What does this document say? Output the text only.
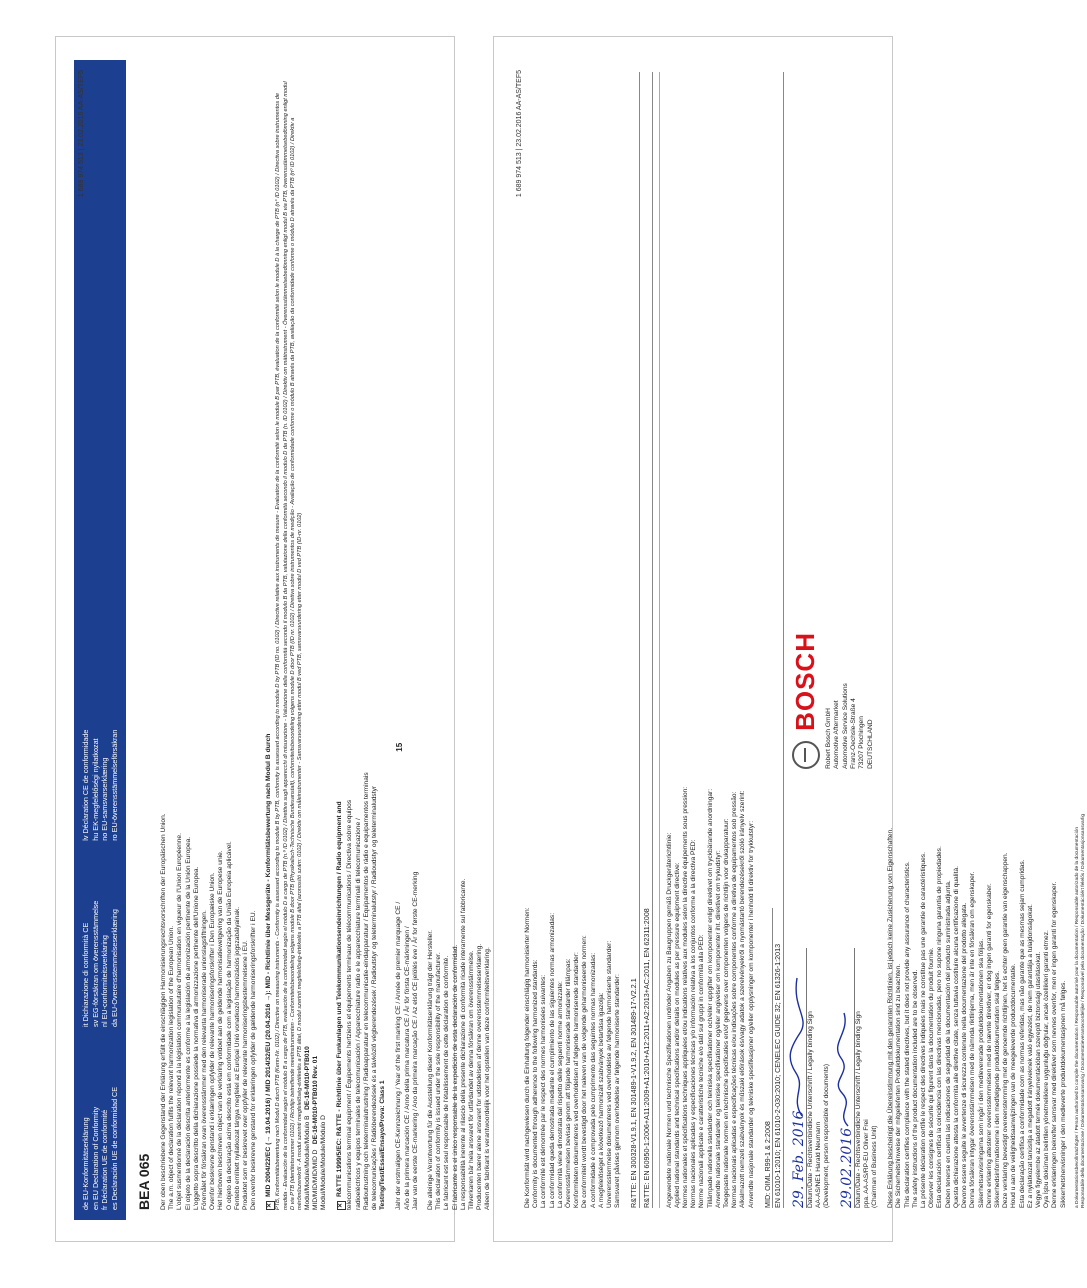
de EU-Konformitätserklärung en EU Declaration of Conformity fr Déclaration UE de conformité es Declaración UE de conformidad CE
it Dichiarazione di conformità CE sv EG-försäkran om överensstämmelse nl EU-conformiteitsverklaring da EU-Overensstemmelseserklæring
lv Déclaration CE de conformidade hu EK-megfelelőségi nyilatkozat no EU-samsvarserklæring ro EU-överensstämmelseförsäkran
BEA 065 Der oben beschriebene Gegenstand der Erklärung erfüllt die einschlägigen Harmonisierungsrechtsvorschriften der Europäischen Union. The a.m. object of declaration fulfils the relevant harmonization legislation of the European Union. L'objet susmentionné de la déclaration répond à la législation communautaire d'harmonisation en vigueur de l'Union Européenne. El objeto de la declaración descrita anteriormente es conforme a la legislación de armonización pertinente de la Unión Europea. L'oggetto sopra descritto della dichiarazione possiede la normativa di armonizzazione pertinente dell'Unione Europea. Föremålet för försäkran ovan överensstämmer med den relevanta harmoniserade unionslagstiftningen. Ovenfor beskrevne genstand i erklæringen opfylder de relevante harmoniseringsforskrifter i Den Europæiske Union. Het hierboven beschreven object van de verklaring voldoet aan de geldende harmonisatiewetgeving van de Europese unie. O objeto da declaração acima descrito está em conformidade com a legislação de harmonização da União Europeia aplicável. Fentebb említett nyilatkozat tárgya megfelel az Európai Unió vonatkozó harmonizációs jogszabályainak. Produktet som er beskrevet over oppfyller de relevante harmoniseringsbestemmelsene i EU. Den ovenfor beskrevne genstand for erklæringen opfylder de gældende harmoniseringsforskrifter i EU.	✕MID 2004/22/EC (→ 19.04.2016) / MID 2014/32/EU (20.04.2016 →): MID - Richtlinie über Messgeräte - Konformitätsbewertung nach Modul B durch PTB, Konformitätsbewertung nach Modul D durch PTB (Kenn-Nr. 0102) / Directive on measuring instruments - Conformity is assessed according to module B by PTB, conformity is assessed according to module D by PTB (ID no. 0102) / Directive relative aux instruments de mesure - Evaluation de la conformité selon le module B par PTB, évaluation de la conformité selon le module D à la charge de PTB (n° ID 0102) / Directiva sobre instrumentos de medida - Evaluación de la conformidad según el módulo B a cargo de PTB, evaluación de la conformidad según el módulo D a cargo de PTB (n.º ID 0102) / Direttiva sugli apparecchi di misurazione - Valutazione della conformità secondo il modulo B da PTB, valutazione della conformità secondo il modulo D da PTB (n. ID 0102) / Direktiv om mätinstrument - Överensstämmelsebedömning enligt modul B via PTB, överensstämmelsebedömning enligt modul D via PTB (identitetsnummer 0102) / Richtlijn betreffende meetinstrumenten - Conformiteitsbeoordeling volgens module B door PTB (Physikalisch-Technische Bundesanstalt), conformiteitsbeoordeling volgens module D door PTB (ID nr. 0102) / Diretiva sobre instrumentos de medição - Avaliação de conformidade conforme o módulo B através da PTB, avaliação da conformidade conforme o módulo D através da PTB (nº ID 0102) / Direktiv a mérőműszerekről - A modul szerinti megfelelőség-értékelés a PTB által, D modul szerinti megfelelőség-értékelés a PTB által (azonosító szám: 0102) / Direktiv om måleinstrumenter - Samsvarsvurdering etter modul B ved PTB, samsvarsvurdering etter modul D ved PTB (ID-nr. 0102) Modul/Module/Module/Módulo B   DE-16-M010-PTB010

MID/MID/MID/MID D   DE-16-M010-PTB010 Rev. 01

Modul/Module/Module/Módulo D	✕R&TTE 1999/5/EC: R&TTE - Richtlinie über Funkanlagen und Telekommunikationsendeinrichtungen / Radio equipment and telecommunications terminal equipment / Équipements hertziens et équipements terminaux de télécommunications / Directiva sobre equipos radioeléctricos y equipos terminales de telecomunicación / Apparecchiature radio e le apparecchiature terminali di telecomunicazione / Radioutrustning och teleterminalutrustning / Radioapparatuur en telecommunicatie-eindapparatuur / Equipamentos de rádio e equipamentos terminais de telecomunicações / Rádióberendezések és a távközlő végberendezések / Radioutstyr og teleterminalutstyr / Radioudstyr og teleterminaludstyr Testing/Test/Essai/Ensayo/Prova: Class 1 Jahr der erstmaligen CE-Kennzeichnung / Year of the first marking CE / Année de premier marquage CE / Año de la primera marcación CE / Anno della prima marcatura CE / År för första CE-märkningen / Jaar van de eerste CE-markering / Ano da primeira marcação CE / Az első CE jelölés éve / År for første CE-merking

15

Die alleinige Verantwortung für die Ausstellung dieser Konformitätserklärung trägt der Hersteller. This declaration of conformity is issued under the sole responsibility of the manufacturer. Le fabricant est seul responsable de l'établissement de cette déclaration de conformité. El fabricante es el único responsable de la expedición de esta declaración de conformidad. La responsabilità inerente al rilascio della presente dichiarazione di conformità ricade interamente sul fabbricante. Tillverkaren bär hela ansvaret för utfärdandet av denna försäkran om överensstämmelse. Producenten bærer alene ansvaret for udstedelsen af denne overensstemmelseserklæring. Alleen de fabrikant is verantwoordelijk voor het opstellen van deze conformiteitsverklaring.

1 689 974 513 | 23.02.2016 AA-AS/TEF5

Die Konformität wird nachgewiesen durch die Einhaltung folgender einschlägig harmonisierter Normen: Conformity is documented through adherence to the following harmonized standards: La conformité est démontrée par le respect des normes harmonisées suivantes: La conformidad queda demostrada mediante el cumplimiento de las siguientes normas armonizadas: La conformità viene dimostrata dal rispetto delle seguenti norme armonizzate: Överensstämmelsen bevisas genom att följande harmoniserade standarder tillämpas: Konformiteten dokumenteres ved overholdelsen af følgende harmoniserede standarder: De conformiteit wordt bevestigd door het naleven van de volgende geharmoniseerde normen: A conformidade é comprovada pelo cumprimento das seguintes normas harmonizadas: A megfelelőséget a következő harmonizált szabványok betartása igazolja: Uoverensstemmelse dokumenteres ved overholdelse av følgende harmoniserte standarder: Samsvaret påvises gjennom overholdelse av følgende harmoniserte standarder: R&TTE: EN 300328-V1.9.1, EN 301489-1-V1.9.2, EN 301489-17-V2.2.1 R&TTE: EN 60950-1:2006+A11:2009+A1:2010+A12:2011+A2:2013+AC:2011, EN 62311:2008 Angewendete nationale Normen und technische Spezifikationen und/oder Angaben zu Baugruppen gemäß Druckgeräterichtlinie: Applied national standards and technical specifications and/or details on modules as per pressure equipment directive: Normes nationales et spécifications techniques appliquées et/ou indications relatives aux modules selon la directive équipements sous pression: Normas nacionales aplicadas y especificaciones técnicas y/o información relativa a los conjuntos conforme a la directiva PED: Norme nazionali applicate e caratteristiche tecniche e/o dati sui gruppi in conformità alla PED: Tillämpade nationella standarder och tekniska specifikationer och/eller uppgifter om komponenter enligt direktivet om tryckbärande anordningar: Anvendte nationale standarder og tekniske specifikationer og/eller angivelser om komponenter iht. direktivet om trykudstyr: Toegepaste nationale normen en technische specificaties en/of gegevens over componenten volgens de richtlijn voor drukapparatuur: Normas nacionais aplicadas e especificações técnicas e/ou indicações sobre componentes conforme a diretiva de equipamentos sob pressão: Alkalmazott nemzeti szabványok és műszaki előírások és/vagy adatok a szerelvényekről a nyomástartó berendezésekről szóló irányelv szerint: Anvendte nasjonale standarder og tekniske spesifikasjoner og/eller opplysninger om komponenter i henhold til direktiv for trykkutstyr: MID: OIML R99-1 & 2:2008 EN 61010-1:2010; EN 61010-2-030:2010; CENELEC GUIDE 32; EN 61326-1:2013 29. Feb. 2016 Datum/Date - Rechtsverbindliche Unterschrift / Legally binding Sign AA-AS/NE1 Harald Neumann (Development, person responsible of documents) 29.02.2016 Datum/Date - Rechtsverbindliche Unterschrift / Legally binding Sign ppa. AA-AS/RP-EU Oliver Frei (Chairman of Business Unit)

BOSCH
Robert Bosch GmbH Automotive Aftermarket Automotive Service Solutions Franz-Oechsle-Straße 4 73207 Plochingen DEUTSCHLAND

Diese Erklärung bescheinigt die Übereinstimmung mit den genannten Richtlinien, ist jedoch keine Zusicherung von Eigenschaften. Die Sicherheitshinweise der mitgelieferten Produktdokumentation sind zu beachten. This declaration certifies compliance with the stated directives, but it does not provide any assurance of characteristics. The safety instructions of the product documentation included are to be observed. La présente déclaration certifie le respect des directives indiquées mais ne constitue pas une garantie de caractéristiques. Observer les consignes de sécurité qui figurent dans la documentation du produit fournie. Esta declaración certifica la coincidencia con las directivas mencionadas, pero no supone ninguna garantía de propiedades. Deben tenerse en cuenta las indicaciones de seguridad de la documentación del producto suministrada adjunta. Questa dichiarazione attesta la conformità alle direttive citate, senza tuttavia costituire alcuna certificazione di qualità. Devono essere seguite le avvertenze di sicurezza contenute nella documentazione del prodotto allegata. Denna försäkran intygar överensstämmelsen med de nämnda riktlinjerna, men är inte en försäkran om egenskaper. Säkerhetsanvisningarna som ingår i den medlevererade produktdokumentationen ska följas. Denne erklæring attesterer overensstemmelsen med de nævnte direktiver, er dog ingen garanti for egenskaber. Sikkerhedsinformationerne i den medfølgende produktdokumentation skal følges. Deze verklaring bevestigt overeenstemming met de genoemde richtlijnen, het is echter geen garantie van eigenschappen. Houd u aan de veiligheidsaanwijzingen van de meegeleverde productdocumentatie. Esta declaração certifica a conformidade com as normas referidas, mas não garante que as mesmas sejam cumpridas. Ez a nyilatkozat tanúsítja a megadott irányelveknek való egyezést, de nem garantálja a tulajdonságokat. Vegye figyelembe az átadott termék dokumentációban szereplő biztonsági utasításokat. Oya İşbu doküman belirtilen yönetmeliklere uygunluğu doğrular, ancak özellikleri garanti etmez. Denne erklæringen bekrefter samsvar med direktiver som nevnes ovenfor, men er ingen garanti for egenskaper. Sikkerhetshenvisninger i den medleverte produktdokumentasjonen må følges. a Dokumentationsbevollmächtigter / Person authorised to compile the documentation / Responsable autorisé pour la documentation / Responsable autorizado de la documentación Responsabile della documentazione / Dokumentationsansvarig / Documentatieverantwoordelijke / Responsável pela documentação / Dokumentációért felelős / Dokumentasjonsansvarlig

1 689 974 513 | 23.02.2016 AA-AS/TEF5
